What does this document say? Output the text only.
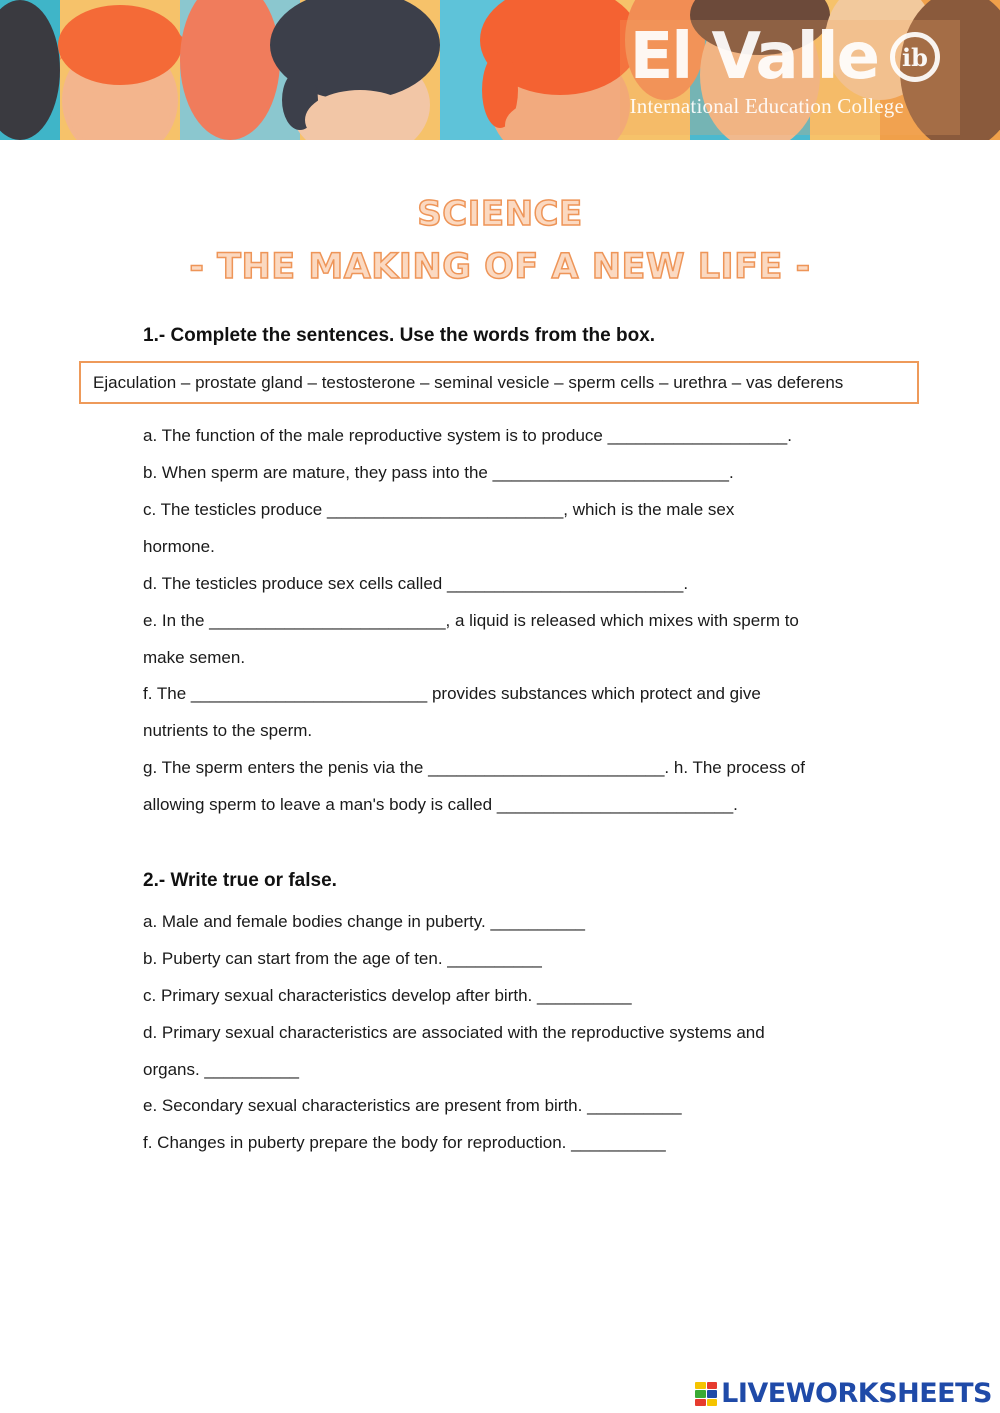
El Valle	ib
International Education College
SCIENCE
- THE MAKING OF A NEW LIFE -
1.- Complete the sentences. Use the words from the box.
Ejaculation – prostate gland – testosterone – seminal vesicle – sperm cells – urethra – vas deferens
a. The function of the male reproductive system is to produce ___________________.
b. When sperm are mature, they pass into the _________________________.
c. The testicles produce _________________________, which is the male sex
hormone.
d. The testicles produce sex cells called _________________________.
e. In the _________________________, a liquid is released which mixes with sperm to
make semen.
f. The _________________________ provides substances which protect and give
nutrients to the sperm.
g. The sperm enters the penis via the _________________________. h. The process of
allowing sperm to leave a man's body is called _________________________.
2.- Write true or false.
a. Male and female bodies change in puberty. __________
b. Puberty can start from the age of ten. __________
c. Primary sexual characteristics develop after birth. __________
d. Primary sexual characteristics are associated with the reproductive systems and
organs. __________
e. Secondary sexual characteristics are present from birth. __________
f. Changes in puberty prepare the body for reproduction. __________
LIVEWORKSHEETS
